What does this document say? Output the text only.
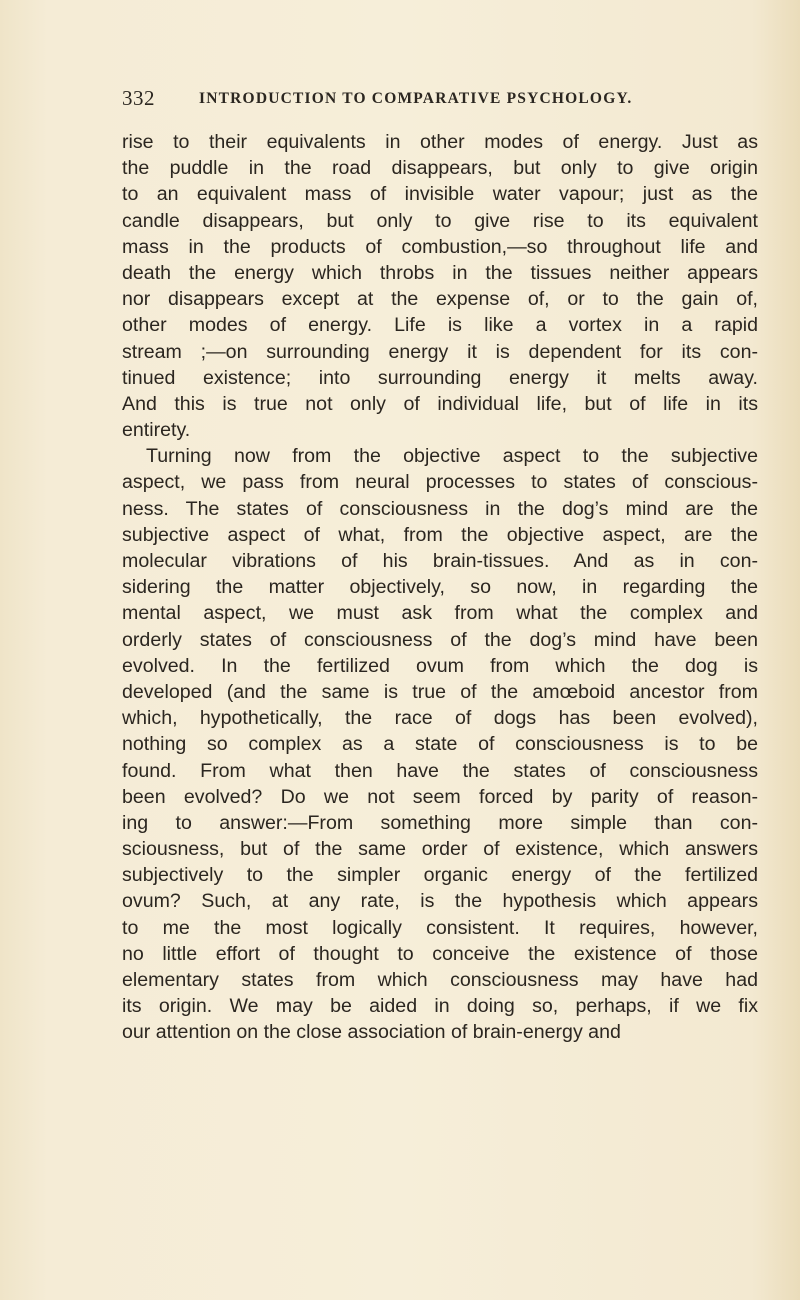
332	INTRODUCTION TO COMPARATIVE PSYCHOLOGY.
rise to their equivalents in other modes of energy. Just as
the puddle in the road disappears, but only to give origin
to an equivalent mass of invisible water vapour; just as the
candle disappears, but only to give rise to its equivalent
mass in the products of combustion,—so throughout life and
death the energy which throbs in the tissues neither appears
nor disappears except at the expense of, or to the gain of,
other modes of energy. Life is like a vortex in a rapid
stream ;—on surrounding energy it is dependent for its con-
tinued existence; into surrounding energy it melts away.
And this is true not only of individual life, but of life in its
entirety.
Turning now from the objective aspect to the subjective
aspect, we pass from neural processes to states of conscious-
ness. The states of consciousness in the dog’s mind are the
subjective aspect of what, from the objective aspect, are the
molecular vibrations of his brain-tissues. And as in con-
sidering the matter objectively, so now, in regarding the
mental aspect, we must ask from what the complex and
orderly states of consciousness of the dog’s mind have been
evolved. In the fertilized ovum from which the dog is
developed (and the same is true of the amœboid ancestor from
which, hypothetically, the race of dogs has been evolved),
nothing so complex as a state of consciousness is to be
found. From what then have the states of consciousness
been evolved? Do we not seem forced by parity of reason-
ing to answer:—From something more simple than con-
sciousness, but of the same order of existence, which answers
subjectively to the simpler organic energy of the fertilized
ovum? Such, at any rate, is the hypothesis which appears
to me the most logically consistent. It requires, however,
no little effort of thought to conceive the existence of those
elementary states from which consciousness may have had
its origin. We may be aided in doing so, perhaps, if we fix
our attention on the close association of brain-energy and
